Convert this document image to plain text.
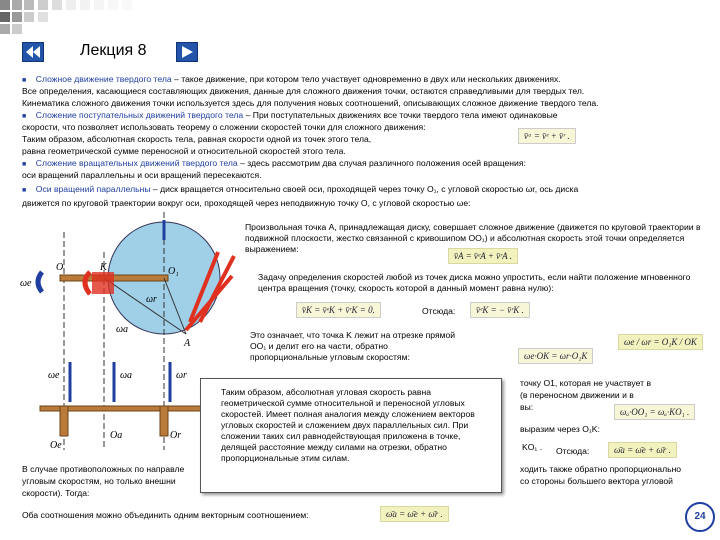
Лекция 8
■ Сложное движение твердого тела – такое движение, при котором тело участвует одновременно в двух или нескольких движениях.
Все определения, касающиеся составляющих движения, данные для сложного движения точки, остаются справедливыми для твердых тел.
Кинематика сложного движения точки используется здесь для получения новых соотношений, описывающих сложное движение твердого тела.
■ Сложение поступательных движений твердого тела – При поступательных движениях все точки твердого тела имеют одинаковые
скорости, что позволяет использовать теорему о сложении скоростей точки для сложного движения:
Таким образом, абсолютная скорость тела, равная скорости одной из точек этого тела,
равна геометрической сумме переносной и относительной скоростей этого тела.
■ Сложение вращательных движений твердого тела – здесь рассмотрим два случая различного положения осей вращения:
оси вращений параллельны и оси вращений пересекаются.
■ Оси вращений параллельны – диск вращается относительно своей оси, проходящей через точку O₁, с угловой скоростью ωr, ось диска
движется по круговой траектории вокруг оси, проходящей через неподвижную точку O, с угловой скоростью ωe:
v̄ᵃ = v̄ᵉ + v̄ʳ .
O	K	O₁
A
ωe
ωr
ωa
ωe	ωa	ωr
Oa	Or
Oe
Произвольная точка A, принадлежащая диску, совершает сложное движение (движется по круговой траектории в подвижной плоскости, жестко связанной с кривошипом OO₁) и абсолютная скорость этой точки определяется выражением:
v̄A = v̄ᵉA + v̄ʳA .
Задачу определения скоростей любой из точек диска можно упростить, если найти положение мгновенного центра вращения (точку, скорость которой в данный момент равна нулю):
v̄K = v̄ᵉK + v̄ʳK = 0.	Отсюда:	v̄ᵉK = − v̄ʳK .
Это означает, что точка K лежит на отрезке прямой OO₁ и делит его на части, обратно пропорциональные угловым скоростям:
ωe / ωr = O₁K / OK
ωe·OK = ωr·O₁K
точку O1, которая не участвует в
(в переносном движении и в
вы:	ωₐ·OO₁ = ωₐ·KO₁ .
выразим через O₁K:
KO₁ . Отсюда:	ω̄a = ω̄e + ω̄r .
ходить также обратно пропорционально
со стороны большего вектора угловой
В случае противоположных по направле
угловым скоростям, но только внешни
скорости). Тогда:
Оба соотношения можно объединить одним векторным соотношением:	ω̄a = ω̄e + ω̄r .
Таким образом, абсолютная угловая скорость равна геометрической сумме относительной и переносной угловых скоростей. Имеет полная аналогия между сложением векторов угловых скоростей и сложением двух параллельных сил. При сложении таких сил равнодействующая приложена в точке, делящей расстояние между силами на отрезки, обратно пропорциональные этим силам.
24
